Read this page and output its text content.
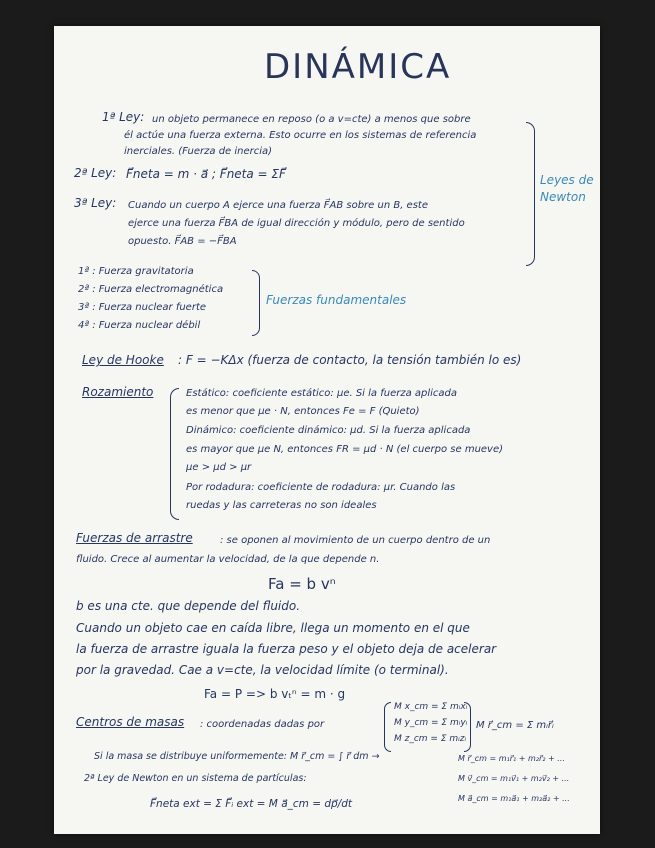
DINÁMICA
1ª Ley: un objeto permanece en reposo (o a v=cte) a menos que sobre
él actúe una fuerza externa. Esto ocurre en los sistemas de referencia
inerciales. (Fuerza de inercia)
2ª Ley: F⃗neta = m · a⃗ ; F⃗neta = ΣF⃗
3ª Ley: Cuando un cuerpo A ejerce una fuerza F⃗AB sobre un B, este
ejerce una fuerza F⃗BA de igual dirección y módulo, pero de sentido
opuesto. F⃗AB = −F⃗BA
Leyes de
Newton
1ª : Fuerza gravitatoria
2ª : Fuerza electromagnética
3ª : Fuerza nuclear fuerte
4ª : Fuerza nuclear débil
Fuerzas fundamentales
Ley de Hooke : F = −KΔx (fuerza de contacto, la tensión también lo es)
Rozamiento	Estático: coeficiente estático: μe. Si la fuerza aplicada
es menor que μe · N, entonces Fe = F (Quieto)
Dinámico: coeficiente dinámico: μd. Si la fuerza aplicada
es mayor que μe N, entonces FR = μd · N (el cuerpo se mueve)
μe > μd > μr
Por rodadura: coeficiente de rodadura: μr. Cuando las
ruedas y las carreteras no son ideales
Fuerzas de arrastre	: se oponen al movimiento de un cuerpo dentro de un
fluido. Crece al aumentar la velocidad, de la que depende n.
Fa = b vⁿ
b es una cte. que depende del fluido.
Cuando un objeto cae en caída libre, llega un momento en el que
la fuerza de arrastre iguala la fuerza peso y el objeto deja de acelerar
por la gravedad. Cae a v=cte, la velocidad límite (o terminal).
Fa = P => b vₜⁿ = m · g
Centros de masas : coordenadas dadas por
M x_cm = Σ mᵢxᵢ
M y_cm = Σ mᵢyᵢ
M z_cm = Σ mᵢzᵢ
M r⃗_cm = Σ mᵢr⃗ᵢ
Si la masa se distribuye uniformemente: M r⃗_cm = ∫ r⃗ dm →
2ª Ley de Newton en un sistema de partículas:
F⃗neta ext = Σ F⃗ᵢ ext = M a⃗_cm = dp⃗/dt
M r⃗_cm = m₁r⃗₁ + m₂r⃗₂ + ...
M v⃗_cm = m₁v⃗₁ + m₂v⃗₂ + ...
M a⃗_cm = m₁a⃗₁ + m₂a⃗₂ + ...
